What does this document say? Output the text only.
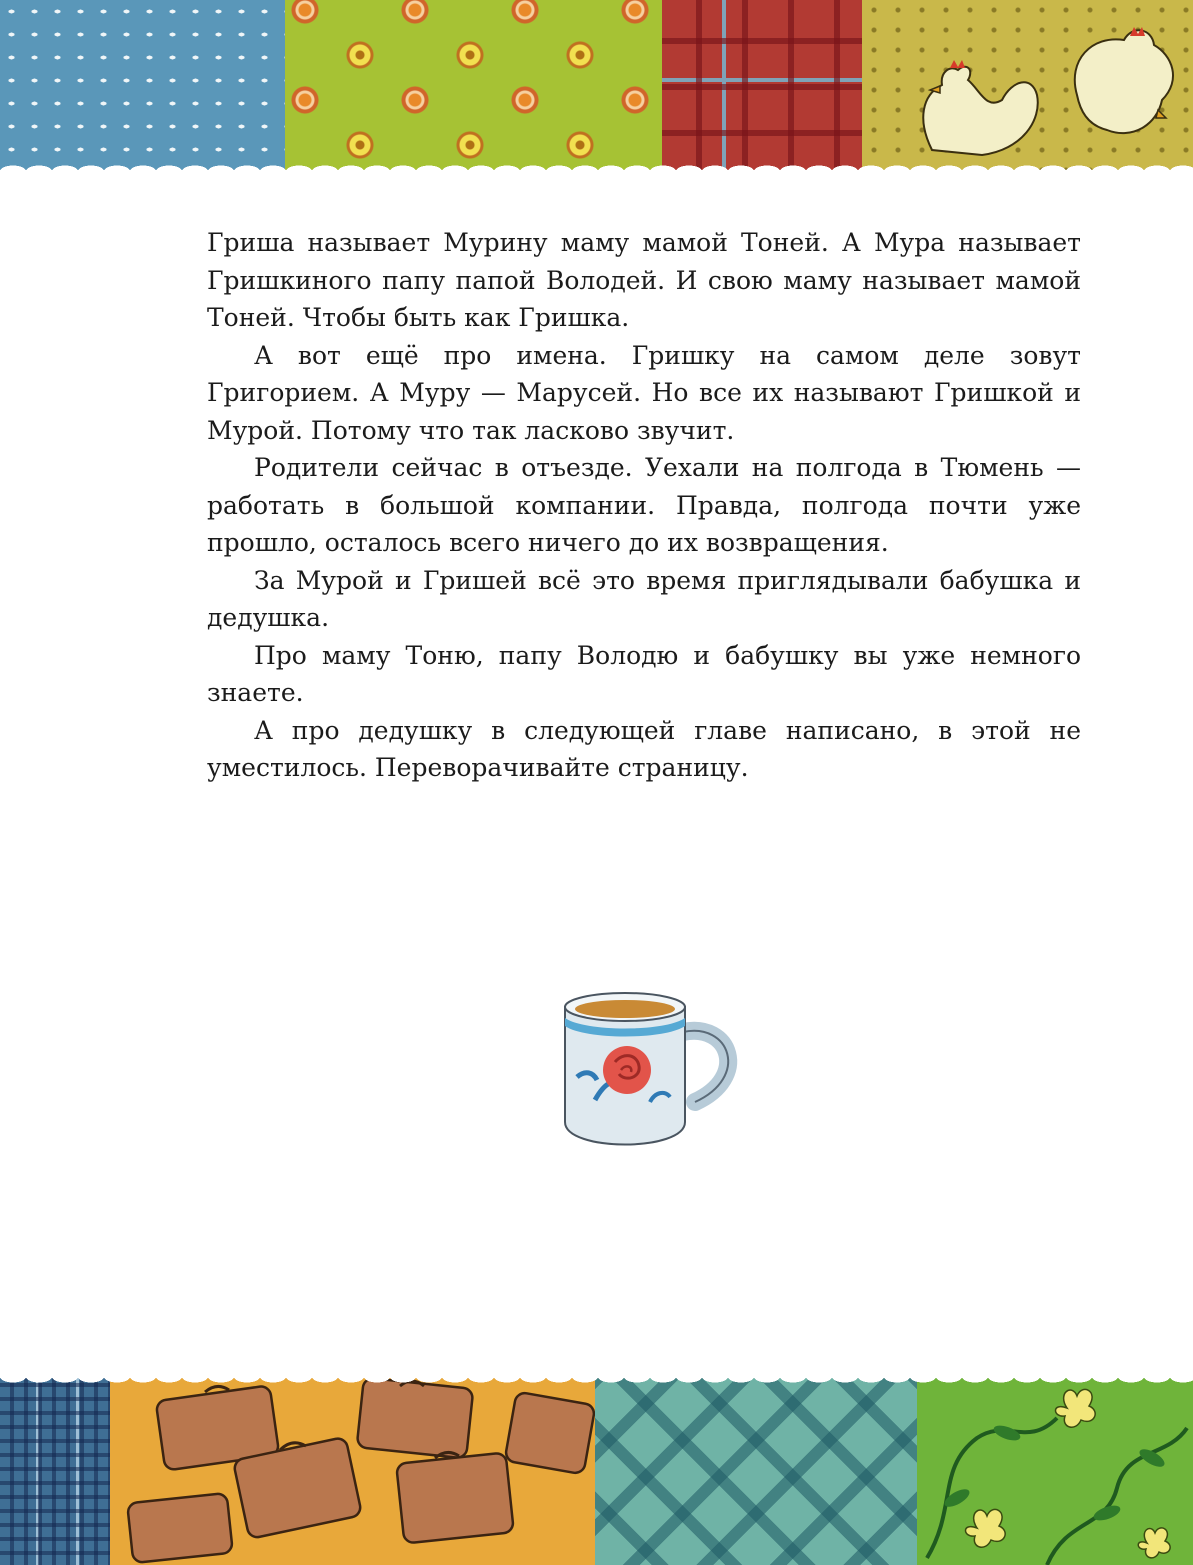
Гриша называет Мурину маму мамой Тоней. А Мура называет Гришкиного папу папой Володей. И свою маму называет мамой Тоней. Чтобы быть как Гришка.

А вот ещё про имена. Гришку на самом деле зовут Григорием. А Муру — Марусей. Но все их называют Гришкой и Мурой. Потому что так ласково звучит.

Родители сейчас в отъезде. Уехали на полгода в Тюмень — работать в большой компании. Правда, полгода почти уже прошло, осталось всего ничего до их возвращения.

За Мурой и Гришей всё это время приглядывали бабушка и дедушка.

Про маму Тоню, папу Володю и бабушку вы уже немного знаете.

А про дедушку в следующей главе написано, в этой не уместилось. Переворачивайте страницу.
